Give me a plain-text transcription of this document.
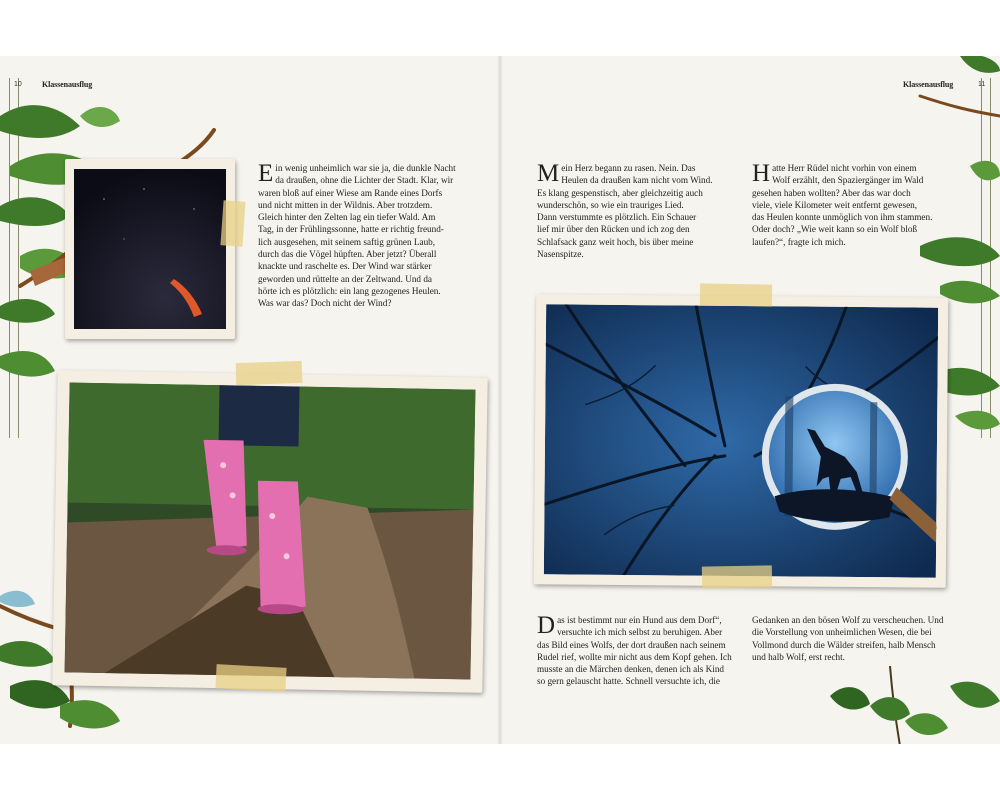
10	Klassenausflug	Klassenausflug	11

Ein wenig unheimlich war sie ja, die dunkle Nacht
da draußen, ohne die Lichter der Stadt. Klar, wir
waren bloß auf einer Wiese am Rande eines Dorfs
und nicht mitten in der Wildnis. Aber trotzdem.
Gleich hinter den Zelten lag ein tiefer Wald. Am
Tag, in der Frühlingssonne, hatte er richtig freund-
lich ausgesehen, mit seinem saftig grünen Laub,
durch das die Vögel hüpften. Aber jetzt? Überall
knackte und raschelte es. Der Wind war stärker
geworden und rüttelte an der Zeltwand. Und da
hörte ich es plötzlich: ein lang gezogenes Heulen.
Was war das? Doch nicht der Wind?

Mein Herz begann zu rasen. Nein. Das
Heulen da draußen kam nicht vom Wind.
Es klang gespenstisch, aber gleichzeitig auch
wunderschön, so wie ein trauriges Lied.
Dann verstummte es plötzlich. Ein Schauer
lief mir über den Rücken und ich zog den
Schlafsack ganz weit hoch, bis über meine
Nasenspitze.

Hatte Herr Rüdel nicht vorhin von einem
Wolf erzählt, den Spaziergänger im Wald
gesehen haben wollten? Aber das war doch
viele, viele Kilometer weit entfernt gewesen,
das Heulen konnte unmöglich von ihm stammen.
Oder doch? „Wie weit kann so ein Wolf bloß
laufen?“, fragte ich mich.

Das ist bestimmt nur ein Hund aus dem Dorf“,
versuchte ich mich selbst zu beruhigen. Aber
das Bild eines Wolfs, der dort draußen nach seinem
Rudel rief, wollte mir nicht aus dem Kopf gehen. Ich
musste an die Märchen denken, denen ich als Kind
so gern gelauscht hatte. Schnell versuchte ich, die

Gedanken an den bösen Wolf zu verscheuchen. Und
die Vorstellung von unheimlichen Wesen, die bei
Vollmond durch die Wälder streifen, halb Mensch
und halb Wolf, erst recht.
